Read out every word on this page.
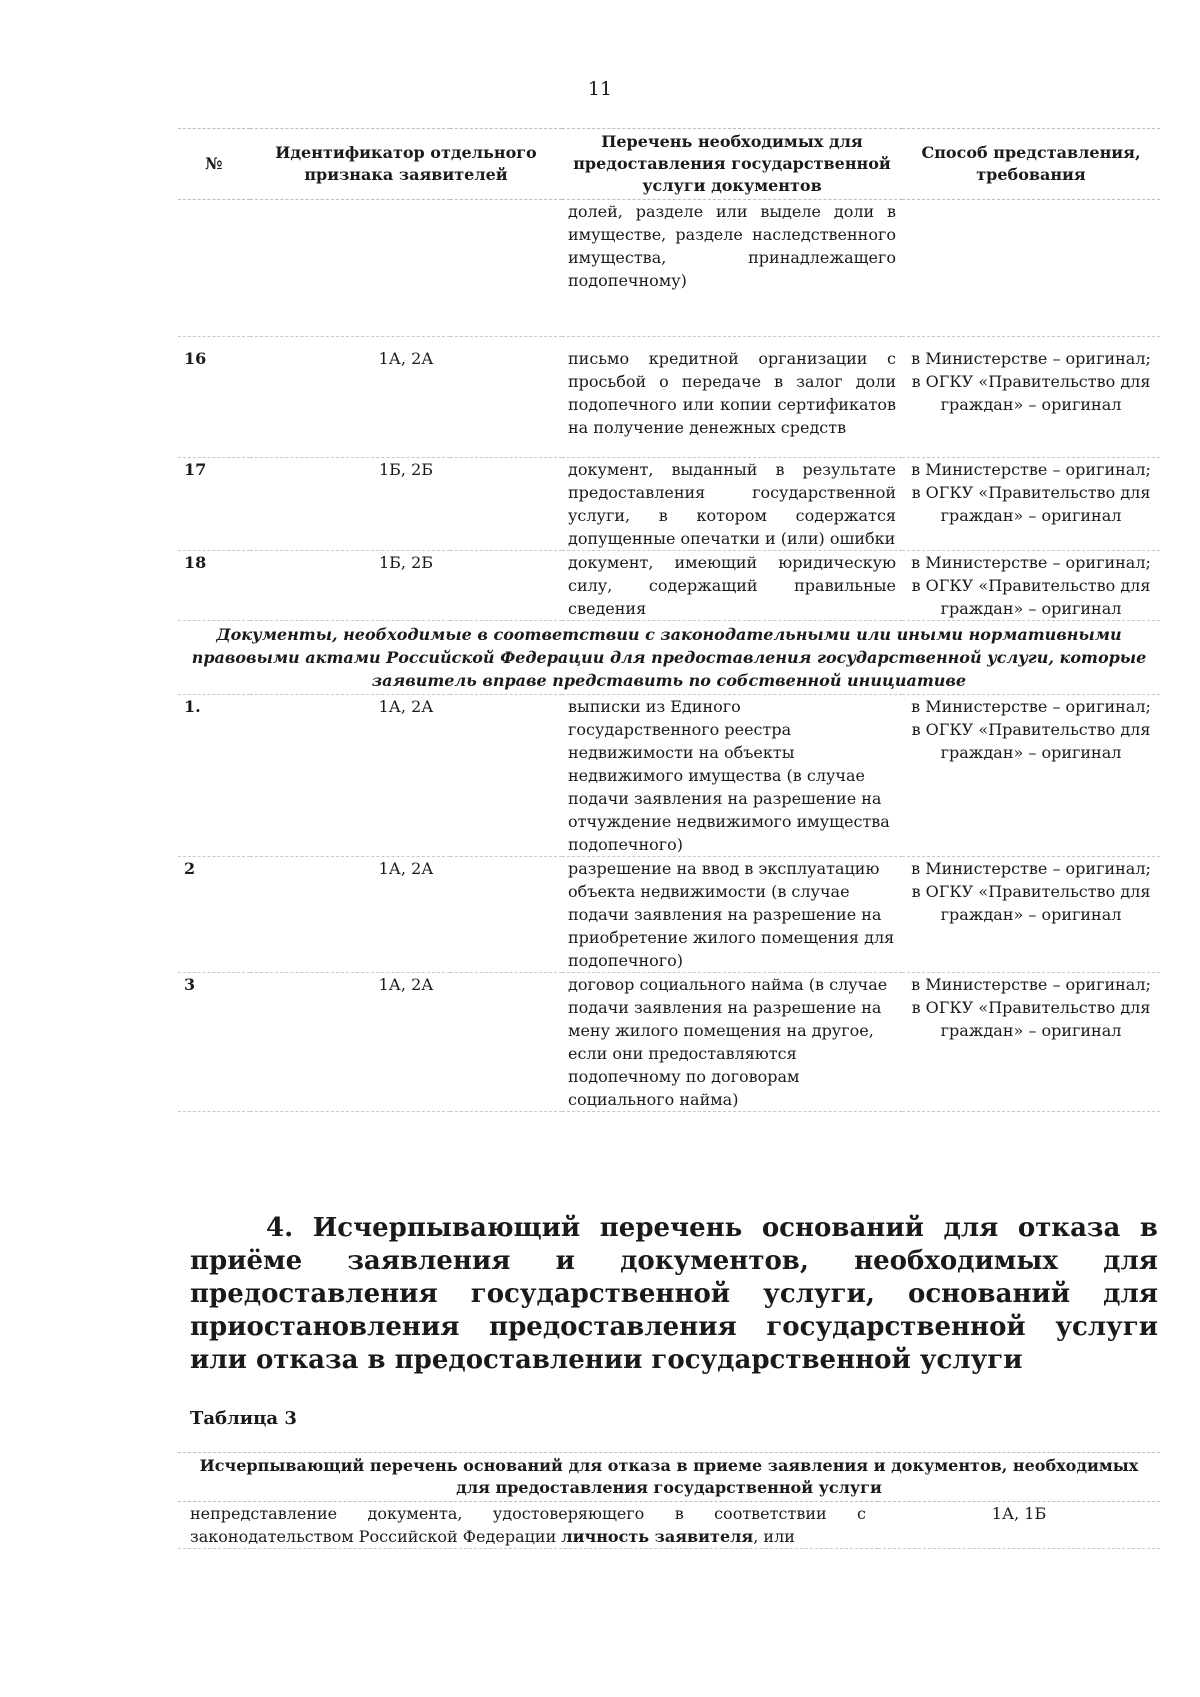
11
№	Идентификатор отдельного признака заявителей	Перечень необходимых для предоставления государственной услуги документов	Способ представления, требования
		долей, разделе или выделе доли в имуществе, разделе наследственного имущества, принадлежащего подопечному)	
16	1А, 2А	письмо кредитной организации с просьбой о передаче в залог доли подопечного или копии сертификатов на получение денежных средств	в Министерстве – оригинал; в ОГКУ «Правительство для граждан» – оригинал
17	1Б, 2Б	документ, выданный в результате предоставления государственной услуги, в котором содержатся допущенные опечатки и (или) ошибки	в Министерстве – оригинал; в ОГКУ «Правительство для граждан» – оригинал
18	1Б, 2Б	документ, имеющий юридическую силу, содержащий правильные сведения	в Министерстве – оригинал; в ОГКУ «Правительство для граждан» – оригинал
Документы, необходимые в соответствии с законодательными или иными нормативными правовыми актами Российской Федерации для предоставления государственной услуги, которые заявитель вправе представить по собственной инициативе			
1.	1А, 2А	выписки из Единого государственного реестра недвижимости на объекты недвижимого имущества (в случае подачи заявления на разрешение на отчуждение недвижимого имущества подопечного)	в Министерстве – оригинал; в ОГКУ «Правительство для граждан» – оригинал
2	1А, 2А	разрешение на ввод в эксплуатацию объекта недвижимости (в случае подачи заявления на разрешение на приобретение жилого помещения для подопечного)	в Министерстве – оригинал; в ОГКУ «Правительство для граждан» – оригинал
3	1А, 2А	договор социального найма (в случае подачи заявления на разрешение на мену жилого помещения на другое, если они предоставляются подопечному по договорам социального найма)	в Министерстве – оригинал; в ОГКУ «Правительство для граждан» – оригинал
4. Исчерпывающий перечень оснований для отказа в приёме заявления и документов, необходимых для предоставления государственной услуги, оснований для приостановления предоставления государственной услуги или отказа в предоставлении государственной услуги
Таблица 3
Исчерпывающий перечень оснований для отказа в приеме заявления и документов, необходимых для предоставления государственной услуги
непредставление документа, удостоверяющего в соответствии с законодательством Российской Федерации личность заявителя, или	1А, 1Б
